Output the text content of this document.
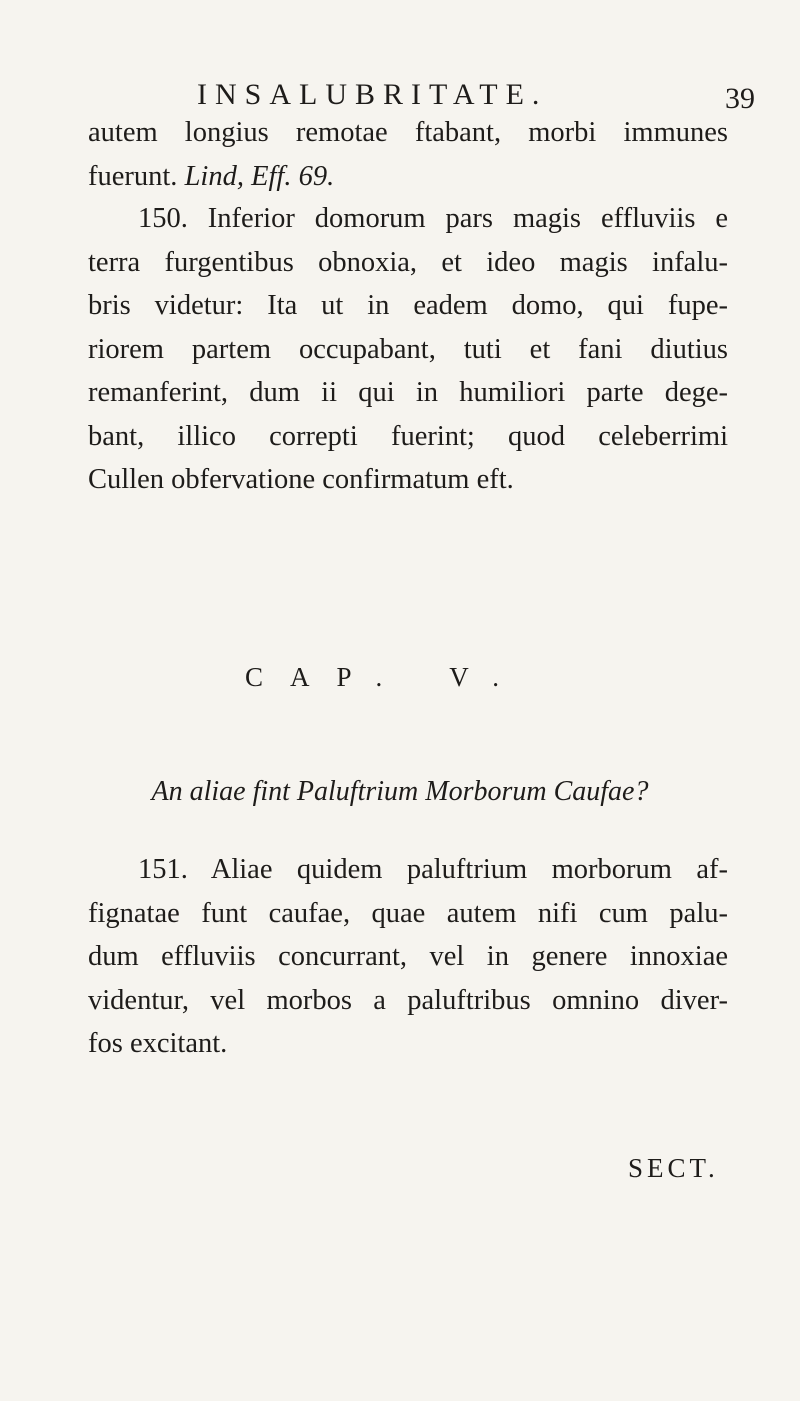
INSALUBRITATE.	39

autem longius remotae ftabant, morbi immunes
fuerunt. Lind, Eff. 69.

150. Inferior domorum pars magis effluviis e
terra furgentibus obnoxia, et ideo magis infalu-
bris videtur: Ita ut in eadem domo, qui fupe-
riorem partem occupabant, tuti et fani diutius
remanferint, dum ii qui in humiliori parte dege-
bant, illico correpti fuerint; quod celeberrimi
Cullen obfervatione confirmatum eft.

CAP. V.
An aliae fint Paluftrium Morborum Caufae?

151. Aliae quidem paluftrium morborum af-
fignatae funt caufae, quae autem nifi cum palu-
dum effluviis concurrant, vel in genere innoxiae
videntur, vel morbos a paluftribus omnino diver-
fos excitant.

SECT.
